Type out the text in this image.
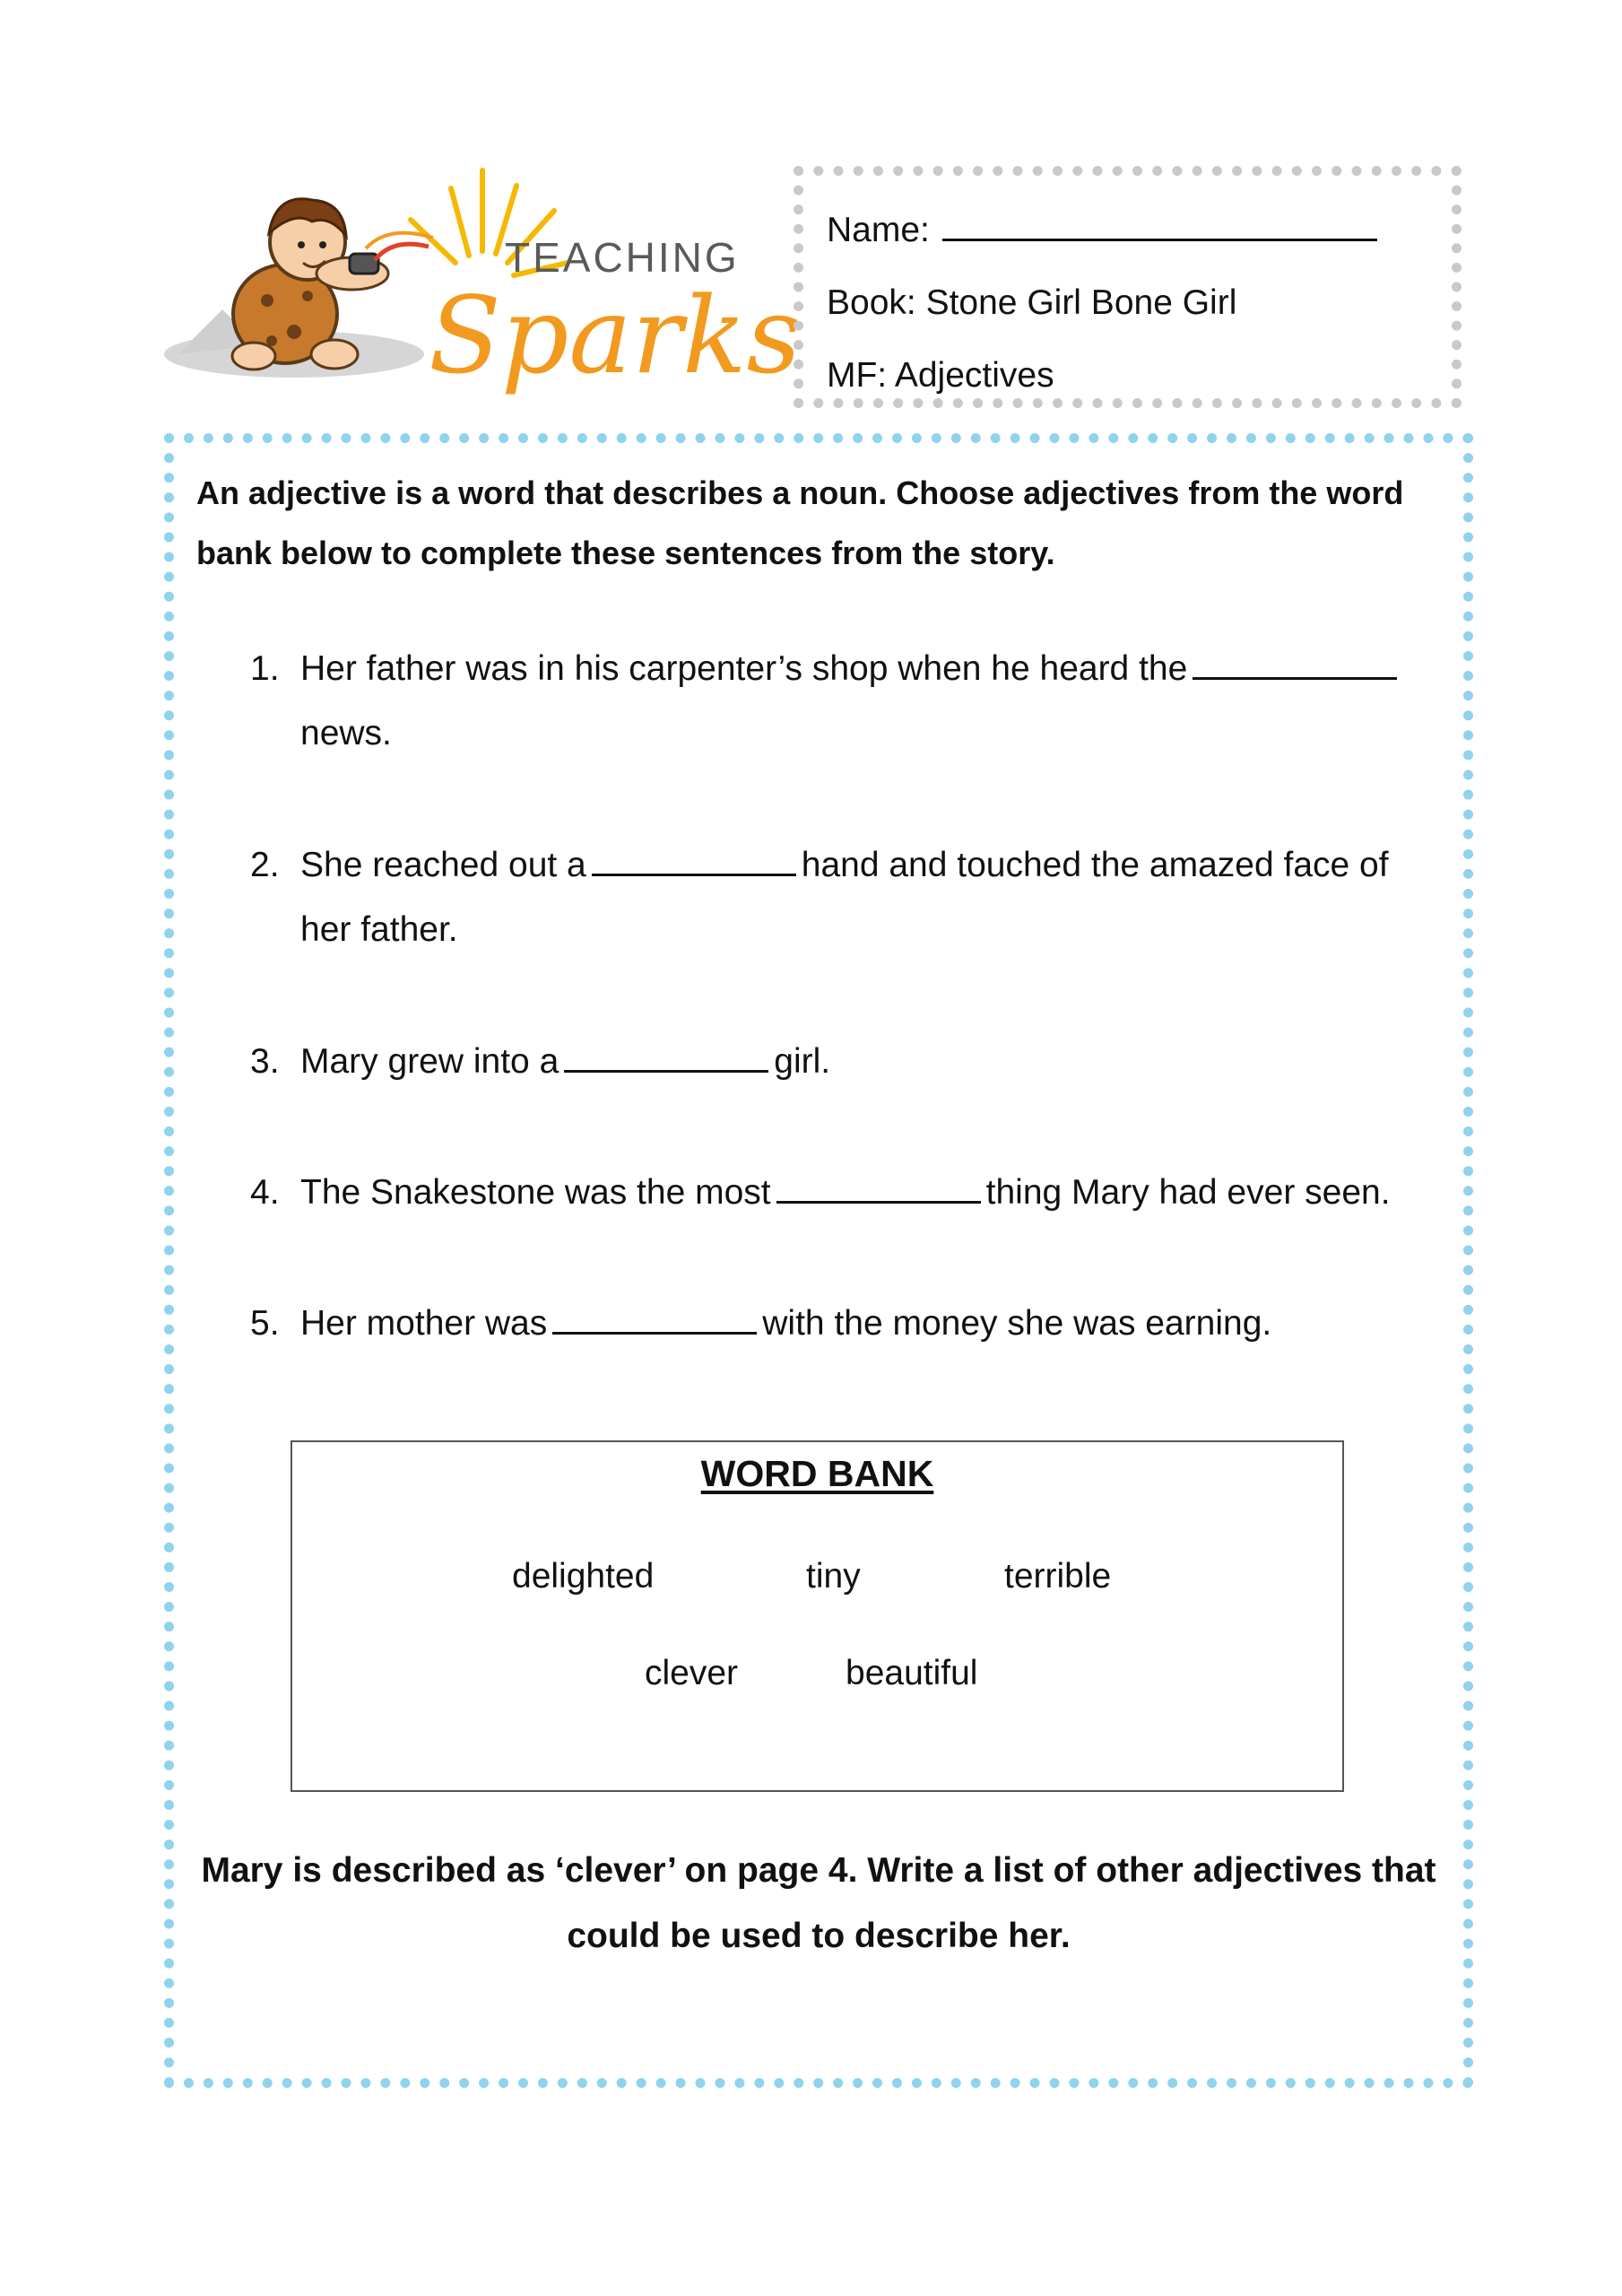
TEACHING
Sparks
Name:
Book: Stone Girl Bone Girl
MF: Adjectives

An adjective is a word that describes a noun. Choose adjectives from the word bank below to complete these sentences from the story.

1. Her father was in his carpenter’s shop when he heard thenews.
2. She reached out a	hand and touched the amazed face of her father.
3. Mary grew into a	girl.
4. The Snakestone was the most	thing Mary had ever seen.
5. Her mother was	with the money she was earning.
WORD BANK
delighted	tiny	terrible
clever	beautiful

Mary is described as ‘clever’ on page 4. Write a list of other adjectives that could be used to describe her.
